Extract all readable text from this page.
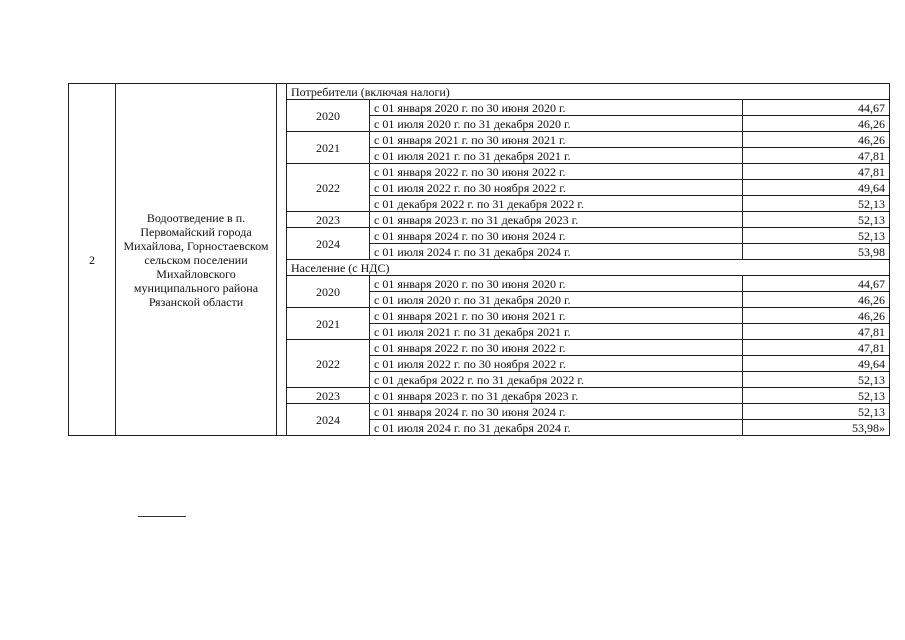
2	Водоотведение в п. Первомайский города Михайлова, Горностаевском сельском поселении Михайловского муниципального района Рязанской области		Потребители (включая налоги)		
			2020	с 01 января 2020 г. по 30 июня 2020 г.	44,67
				с 01 июля 2020 г. по 31 декабря 2020 г.	46,26
			2021	с 01 января 2021 г. по 30 июня 2021 г.	46,26
				с 01 июля 2021 г. по 31 декабря 2021 г.	47,81
			2022	с 01 января 2022 г. по 30 июня 2022 г.	47,81
				с 01 июля 2022 г. по 30 ноября 2022 г.	49,64
				с 01 декабря 2022 г. по 31 декабря 2022 г.	52,13
			2023	с 01 января 2023 г. по 31 декабря 2023 г.	52,13
			2024	с 01 января 2024 г. по 30 июня 2024 г.	52,13
				с 01 июля 2024 г. по 31 декабря 2024 г.	53,98
			Население (с НДС)		
			2020	с 01 января 2020 г. по 30 июня 2020 г.	44,67
				с 01 июля 2020 г. по 31 декабря 2020 г.	46,26
			2021	с 01 января 2021 г. по 30 июня 2021 г.	46,26
				с 01 июля 2021 г. по 31 декабря 2021 г.	47,81
			2022	с 01 января 2022 г. по 30 июня 2022 г.	47,81
				с 01 июля 2022 г. по 30 ноября 2022 г.	49,64
				с 01 декабря 2022 г. по 31 декабря 2022 г.	52,13
			2023	с 01 января 2023 г. по 31 декабря 2023 г.	52,13
			2024	с 01 января 2024 г. по 30 июня 2024 г.	52,13
				с 01 июля 2024 г. по 31 декабря 2024 г.	53,98»
